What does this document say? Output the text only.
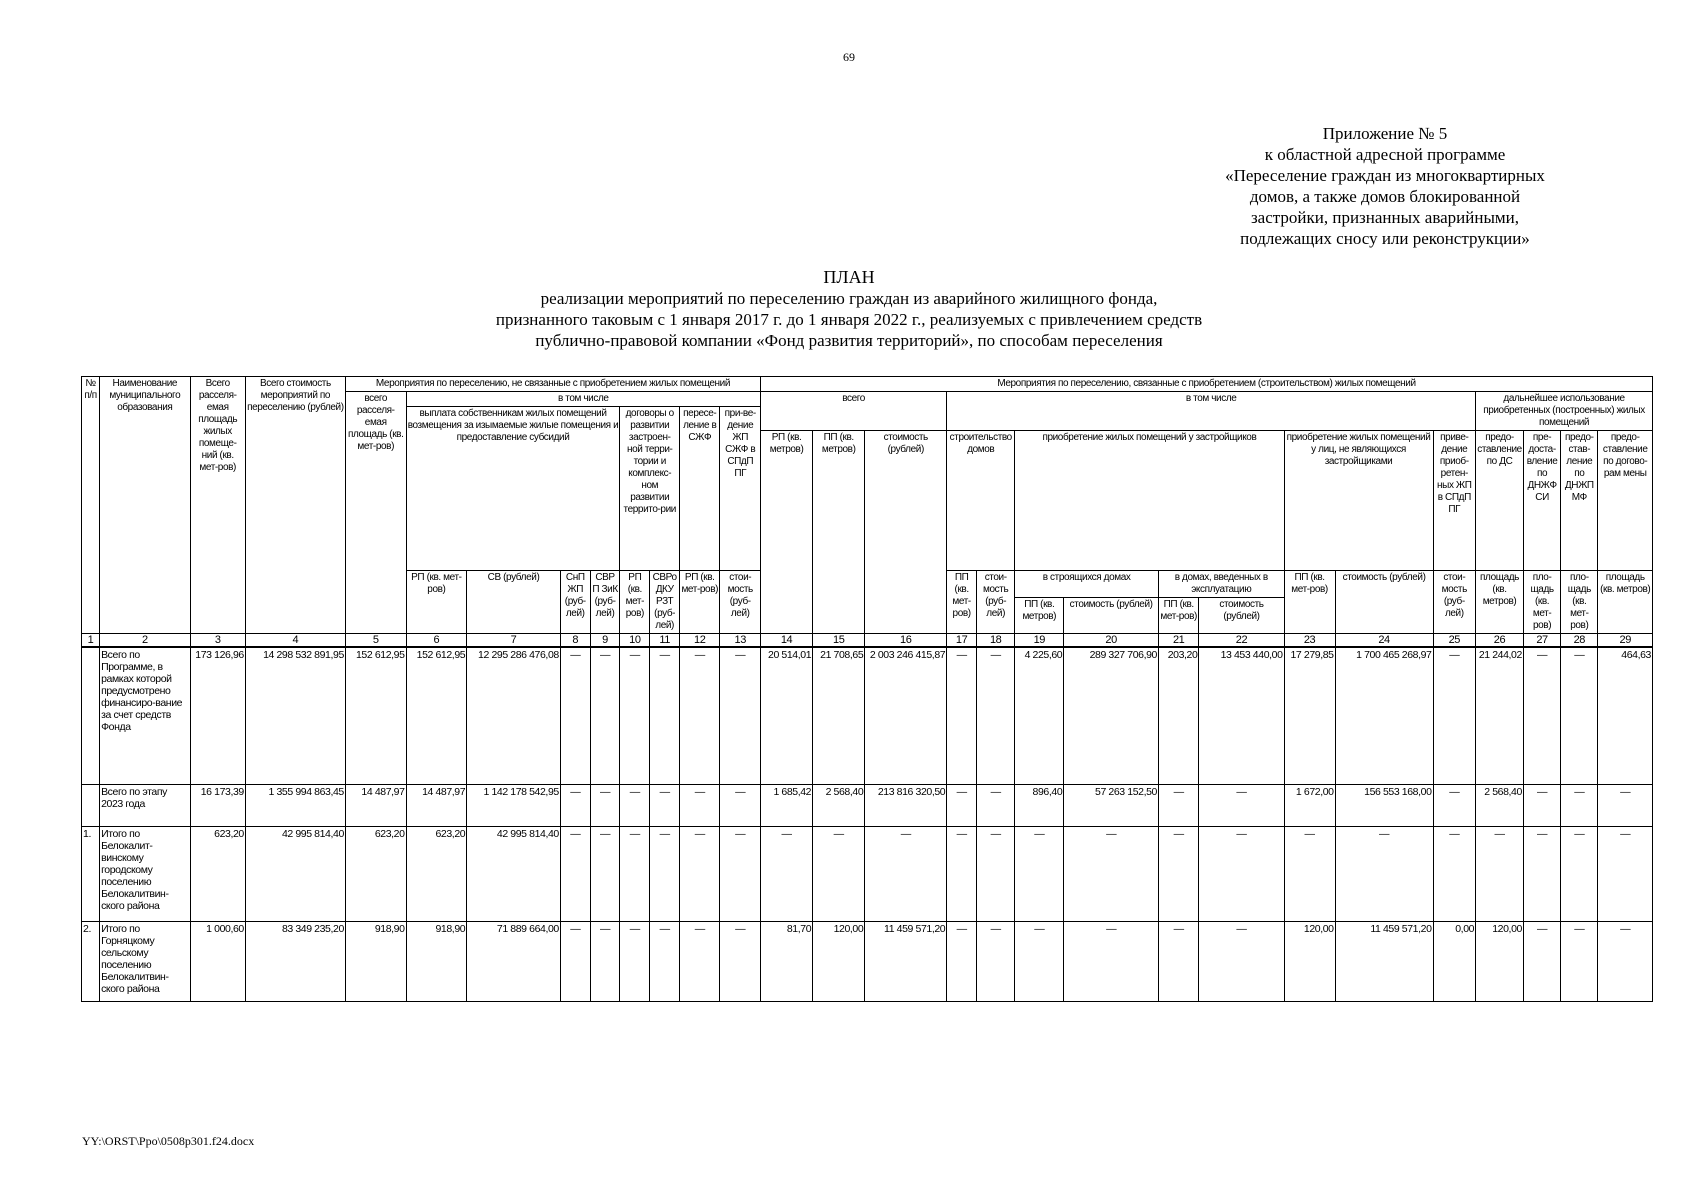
69
Приложение № 5
к областной адресной программе
«Переселение граждан из многоквартирных
домов, а также домов блокированной
застройки, признанных аварийными,
подлежащих сносу или реконструкции»
ПЛАН
реализации мероприятий по переселению граждан из аварийного жилищного фонда,
признанного таковым с 1 января 2017 г. до 1 января 2022 г., реализуемых с привлечением средств
публично-правовой компании «Фонд развития территорий», по способам переселения
№ п/п	Наименование муниципального образования	Всего расселя-емая площадь жилых помеще-ний (кв. мет-ров)	Всего стоимость мероприятий по переселению (рублей)	Мероприятия по переселению, не связанные с приобретением жилых помещений									Мероприятия по переселению, связанные с приобретением (строительством) жилых помещений															
				всего расселя-емая площадь (кв. мет-ров)	в том числе								всего			в том числе									дальнейшее использование приобретенных (построенных) жилых помещений			
					выплата собственникам жилых помещений возмещения за изымаемые жилые помещения и предоставление субсидий				договоры о развитии застроен-ной терри-тории и комплекс-ном развитии террито-рии		пересе-ление в СЖФ	при-ве-дение ЖП СЖФ в СПдП ПГ																
													РП (кв. метров)	ПП (кв. метров)	стоимость (рублей)	строительство домов		приобретение жилых помещений у застройщиков				приобретение жилых помещений у лиц, не являющихся застройщиками		приве-дение приоб-ретен-ных ЖП в СПдП ПГ	предо-ставление по ДС	пре-доста-вление по ДНЖФ СИ	предо-став-ление по ДНЖП МФ	предо-ставление по догово-рам мены
					РП (кв. мет-ров)	СВ (рублей)	СнП ЖП (руб-лей)	СВР П ЗиК (руб-лей)	РП (кв. мет-ров)	СВРо ДКУ РЗТ (руб-лей)	РП (кв. мет-ров)	стои-мость (руб-лей)				ПП (кв. мет-ров)	стои-мость (руб-лей)	в строящихся домах		в домах, введенных в эксплуатацию		ПП (кв. мет-ров)	стоимость (рублей)	стои-мость (руб-лей)	площадь (кв. метров)	пло-щадь (кв. мет-ров)	пло-щадь (кв. мет-ров)	площадь (кв. метров)
																		ПП (кв. метров)	стоимость (рублей)	ПП (кв. мет-ров)	стоимость (рублей)							

1	2	3	4	5	6	7	8	9	10	11	12	13	14	15	16	17	18	19	20	21	22	23	24	25	26	27	28	29
	Всего по Программе, в рамках которой предусмотрено финансиро-вание за счет средств Фонда	173 126,96	14 298 532 891,95	152 612,95	152 612,95	12 295 286 476,08	—	—	—	—	—	—	20 514,01	21 708,65	2 003 246 415,87	—	—	4 225,60	289 327 706,90	203,20	13 453 440,00	17 279,85	1 700 465 268,97	—	21 244,02	—	—	464,63
	Всего по этапу 2023 года	16 173,39	1 355 994 863,45	14 487,97	14 487,97	1 142 178 542,95	—	—	—	—	—	—	1 685,42	2 568,40	213 816 320,50	—	—	896,40	57 263 152,50	—	—	1 672,00	156 553 168,00	—	2 568,40	—	—	—
1.	Итого по Белокалит-винскому городскому поселению Белокалитвин-ского района	623,20	42 995 814,40	623,20	623,20	42 995 814,40	—	—	—	—	—	—	—	—	—	—	—	—	—	—	—	—	—	—	—	—	—	—
2.	Итого по Горняцкому сельскому поселению Белокалитвин-ского района	1 000,60	83 349 235,20	918,90	918,90	71 889 664,00	—	—	—	—	—	—	81,70	120,00	11 459 571,20	—	—	—	—	—	—	120,00	11 459 571,20	0,00	120,00	—	—	—
YY:\ORST\Ppo\0508p301.f24.docx
